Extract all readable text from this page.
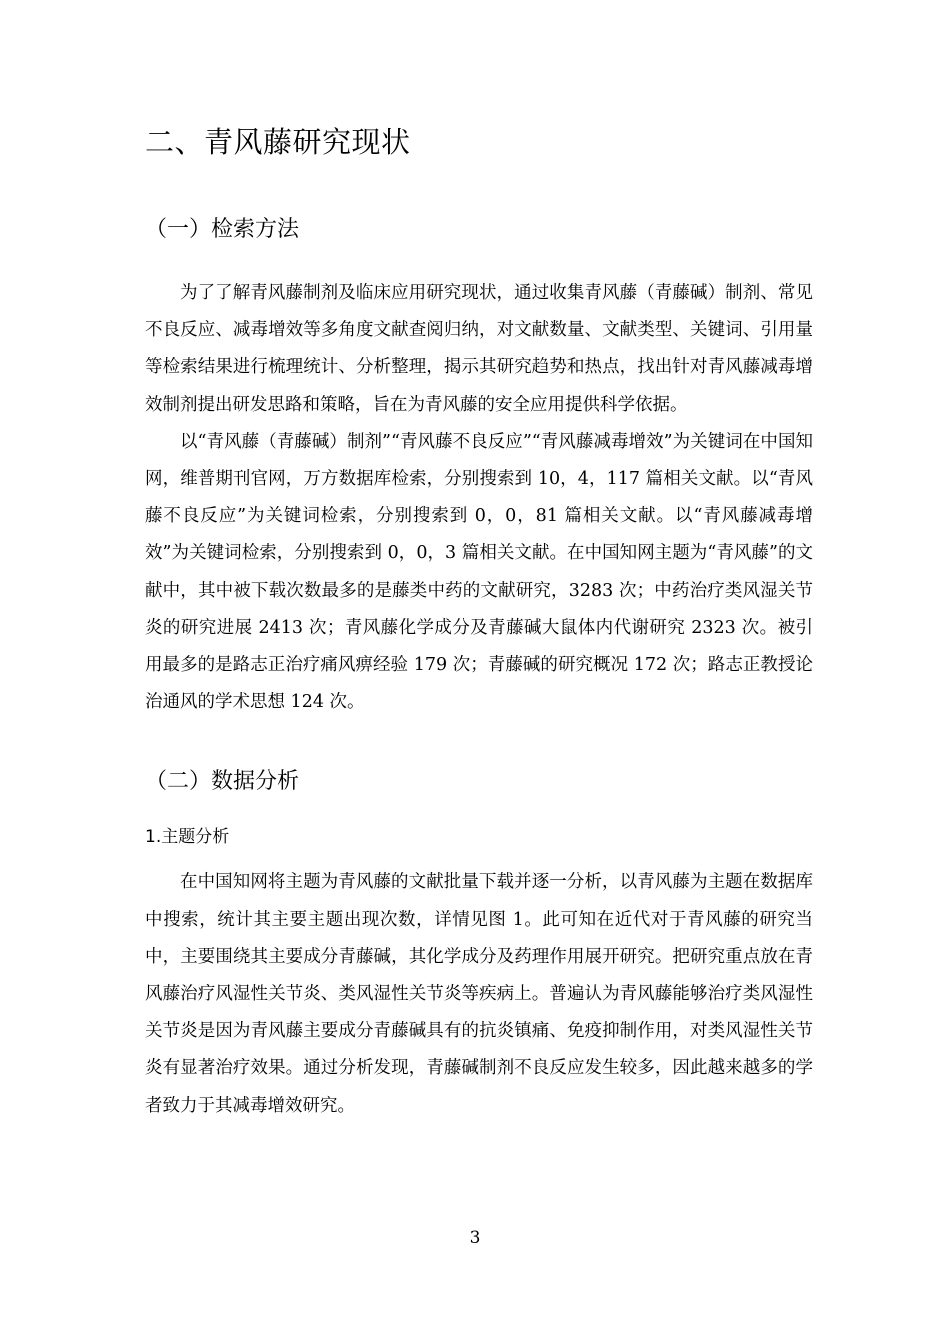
二、青风藤研究现状
（一）检索方法

为了了解青风藤制剂及临床应用研究现状，通过收集青风藤（青藤碱）制剂、常见不良反应、减毒增效等多角度文献查阅归纳，对文献数量、文献类型、关键词、引用量等检索结果进行梳理统计、分析整理，揭示其研究趋势和热点，找出针对青风藤减毒增效制剂提出研发思路和策略，旨在为青风藤的安全应用提供科学依据。

以“青风藤（青藤碱）制剂”“青风藤不良反应”“青风藤减毒增效”为关键词在中国知网，维普期刊官网，万方数据库检索，分别搜索到 10，4，117 篇相关文献。以“青风藤不良反应”为关键词检索，分别搜索到 0，0，81 篇相关文献。以“青风藤减毒增效”为关键词检索，分别搜索到 0，0，3 篇相关文献。在中国知网主题为“青风藤”的文献中，其中被下载次数最多的是藤类中药的文献研究，3283 次；中药治疗类风湿关节炎的研究进展 2413 次；青风藤化学成分及青藤碱大鼠体内代谢研究 2323 次。被引用最多的是路志正治疗痛风痹经验 179 次；青藤碱的研究概况 172 次；路志正教授论治通风的学术思想 124 次。

（二）数据分析
1.主题分析

在中国知网将主题为青风藤的文献批量下载并逐一分析，以青风藤为主题在数据库中搜索，统计其主要主题出现次数，详情见图 1。此可知在近代对于青风藤的研究当中，主要围绕其主要成分青藤碱，其化学成分及药理作用展开研究。把研究重点放在青风藤治疗风湿性关节炎、类风湿性关节炎等疾病上。普遍认为青风藤能够治疗类风湿性关节炎是因为青风藤主要成分青藤碱具有的抗炎镇痛、免疫抑制作用，对类风湿性关节炎有显著治疗效果。通过分析发现，青藤碱制剂不良反应发生较多，因此越来越多的学者致力于其减毒增效研究。

3
